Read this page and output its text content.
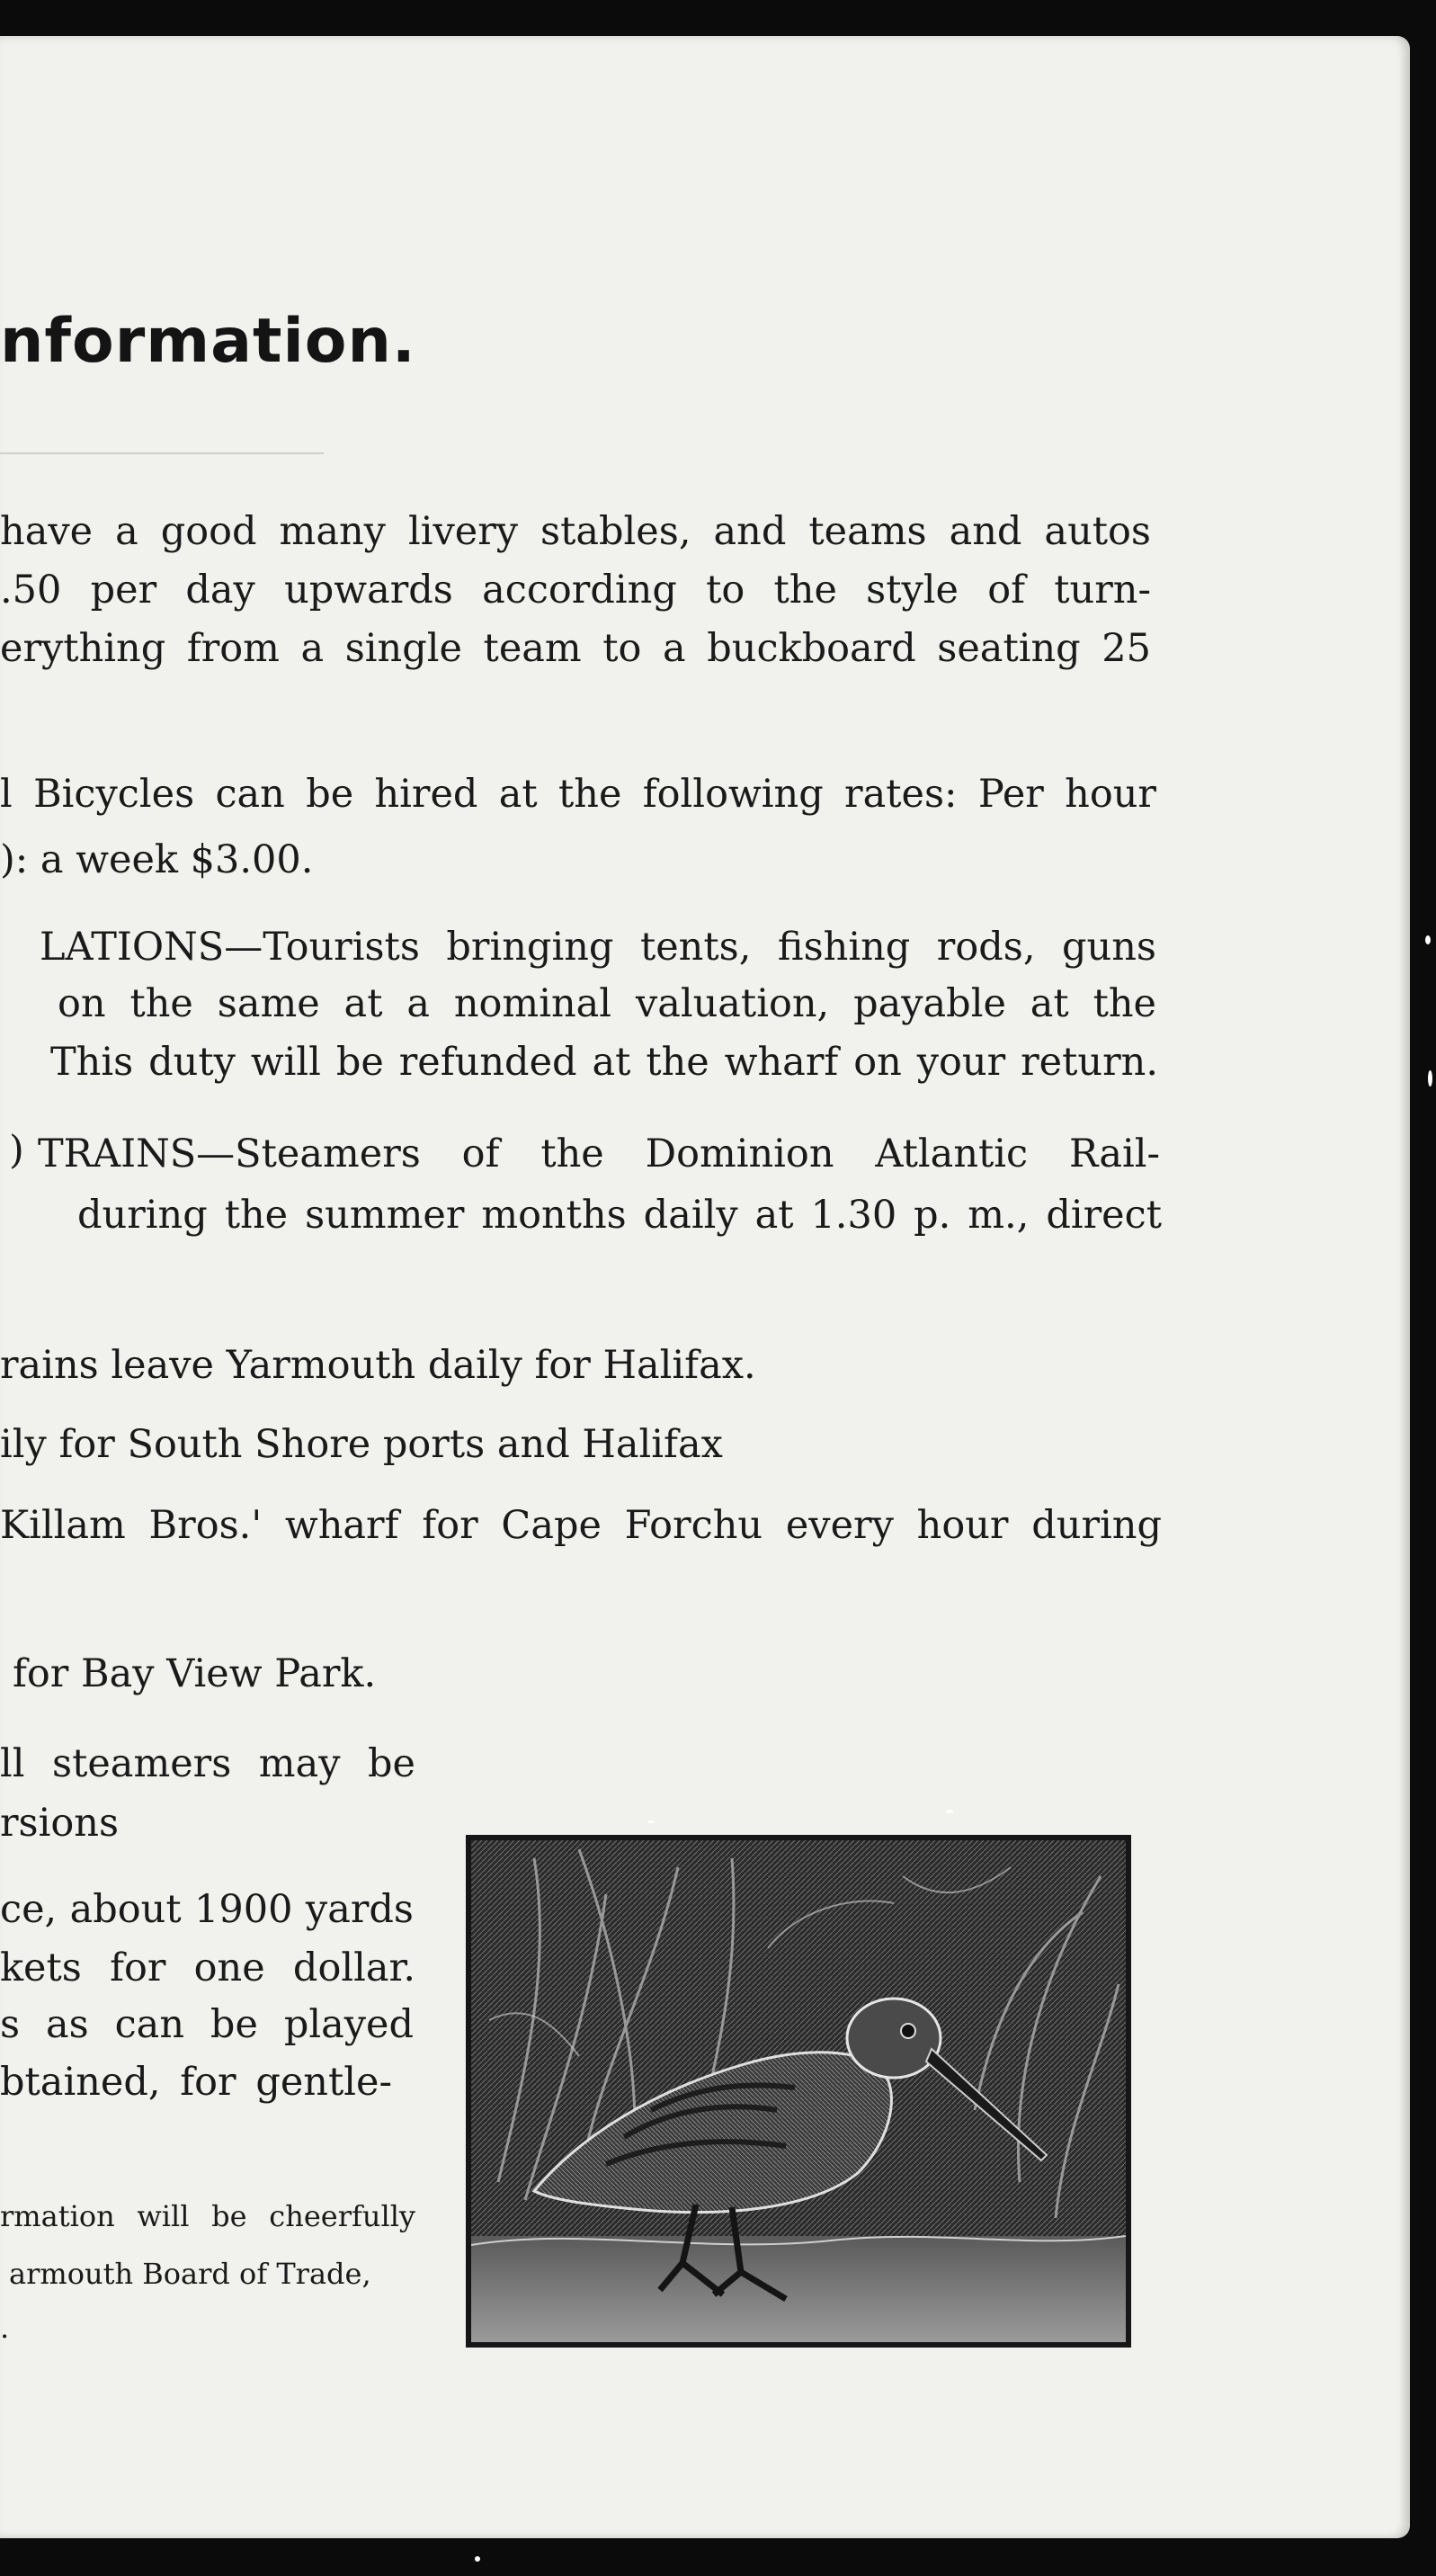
nformation.

have a good many livery stables, and teams and autos

.50 per day upwards according to the style of turn-

erything from a single team to a buckboard seating 25

l Bicycles can be hired at the following rates: Per hour

): a week $3.00.

LATIONS—Tourists bringing tents, fishing rods, guns

on the same at a nominal valuation, payable at the

This duty will be refunded at the wharf on your return.

) TRAINS—Steamers of the Dominion Atlantic Rail-

during the summer months daily at 1.30 p. m., direct

rains leave Yarmouth daily for Halifax.

ily for South Shore ports and Halifax

Killam Bros.' wharf for Cape Forchu every hour during

for Bay View Park.

ll steamers may be

rsions

ce, about 1900 yards

kets for one dollar.

s as can be played

btained, for gentle-

rmation will be cheerfully

armouth Board of Trade,

.
